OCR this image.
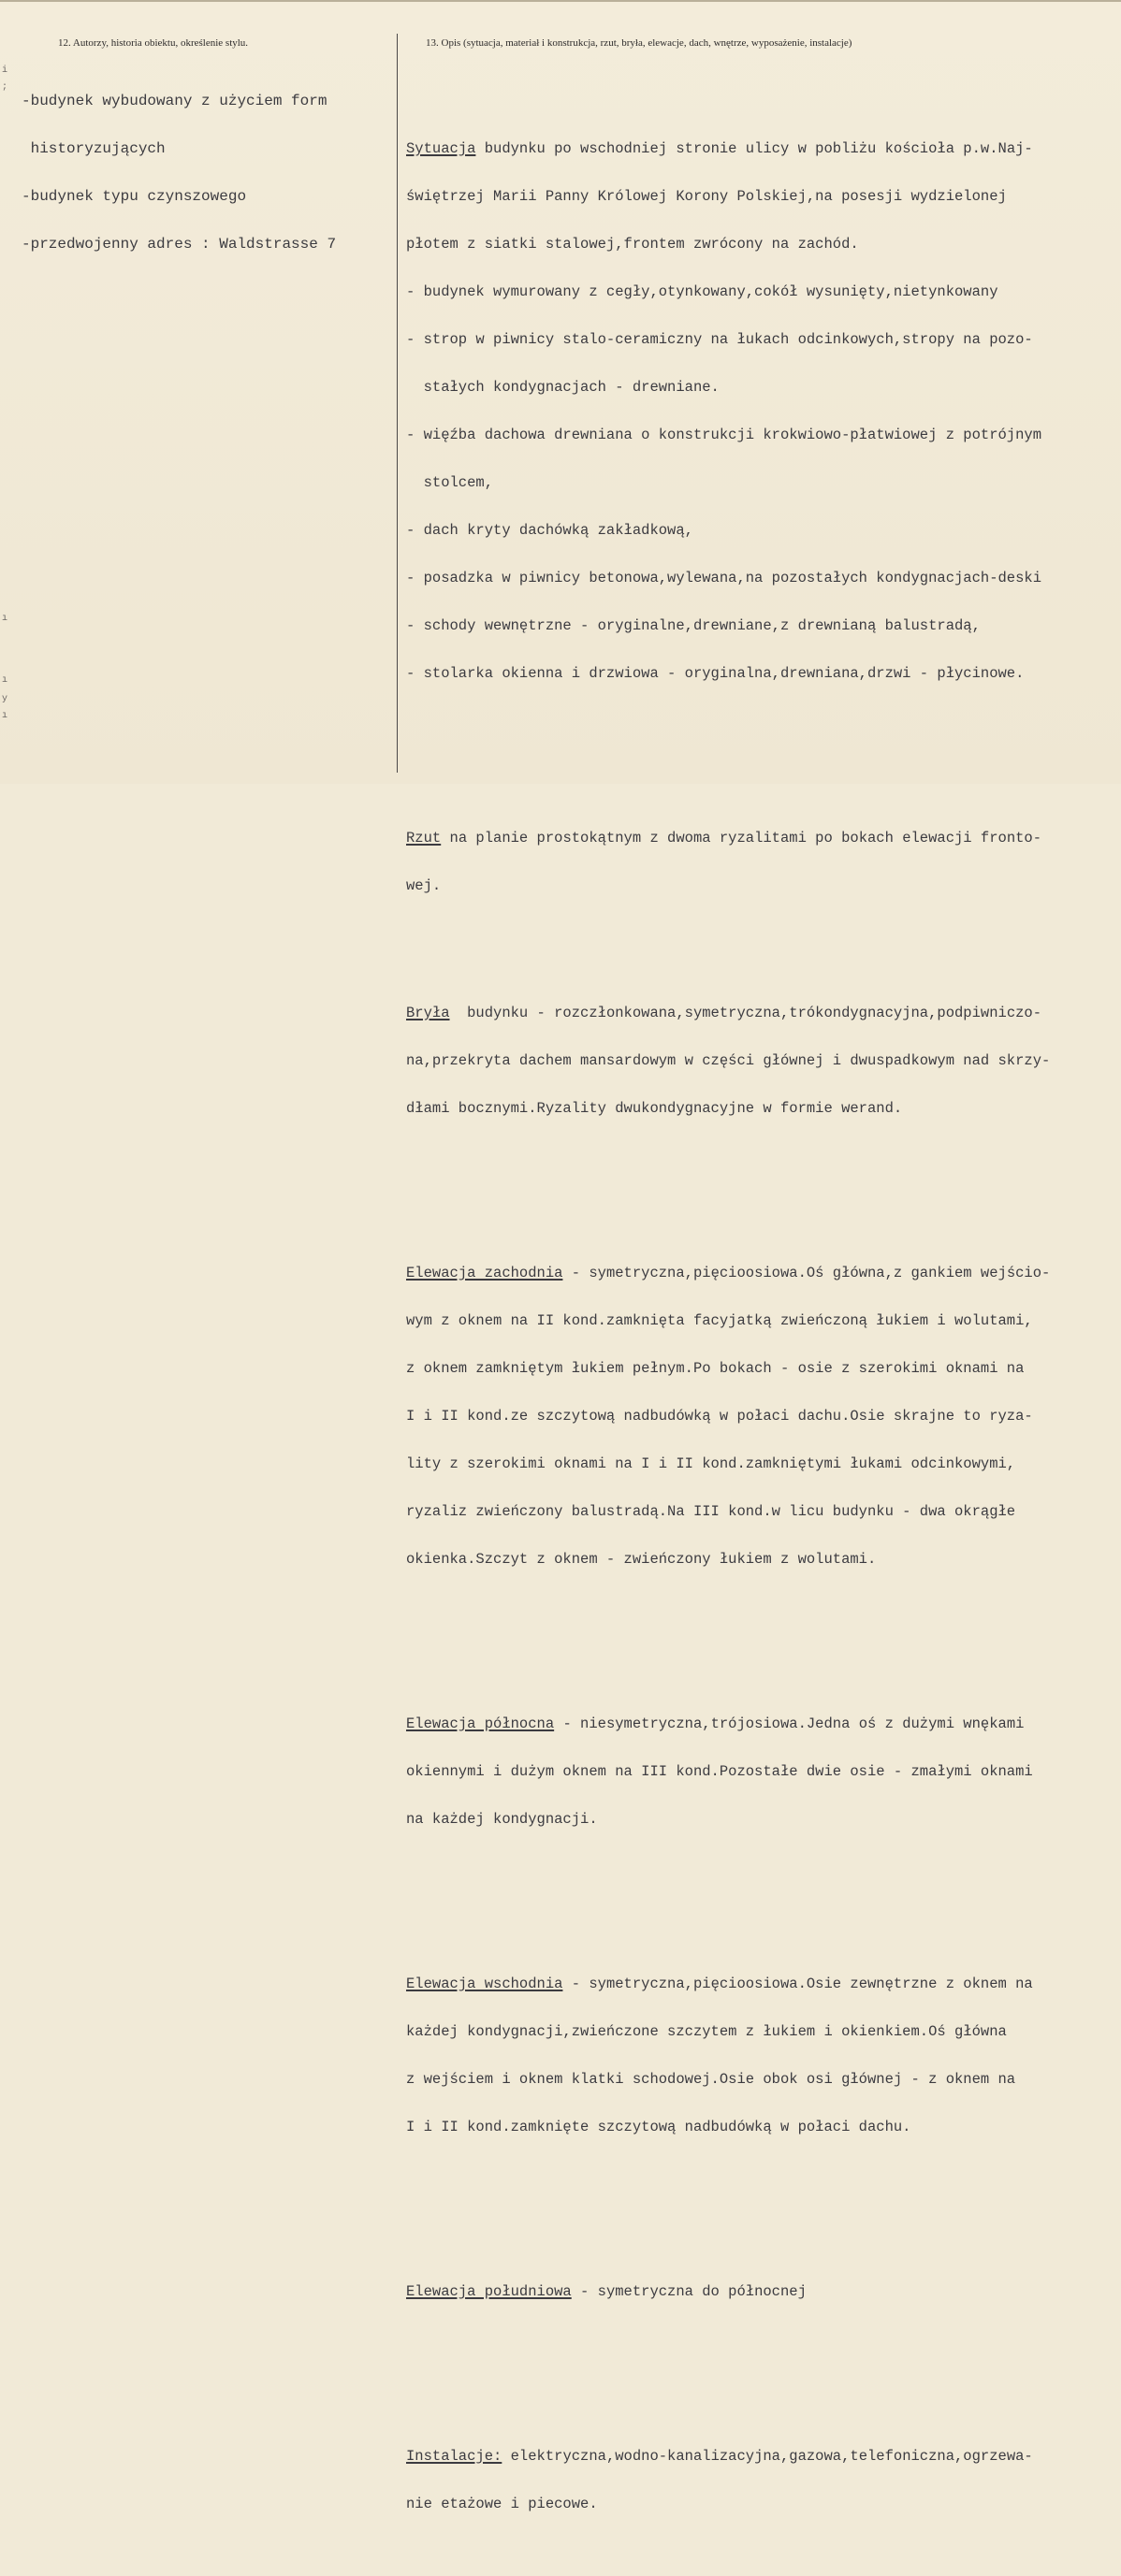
12. Autorzy, historia obiektu, określenie stylu.	13. Opis (sytuacja, materiał i konstrukcja, rzut, bryła, elewacje, dach, wnętrze, wyposażenie, instalacje)
i
;
ı
ı
y
ı

-budynek wybudowany z użyciem form

historyzujących

-budynek typu czynszowego

-przedwojenny adres : Waldstrasse 7

Sytuacja budynku po wschodniej stronie ulicy w pobliżu kościoła p.w.Naj-

świętrzej Marii Panny Królowej Korony Polskiej,na posesji wydzielonej

płotem z siatki stalowej,frontem zwrócony na zachód.

- budynek wymurowany z cegły,otynkowany,cokół wysunięty,nietynkowany

- strop w piwnicy stalo-ceramiczny na łukach odcinkowych,stropy na pozo-

stałych kondygnacjach - drewniane.

- więźba dachowa drewniana o konstrukcji krokwiowo-płatwiowej z potrójnym

stolcem,

- dach kryty dachówką zakładkową,

- posadzka w piwnicy betonowa,wylewana,na pozostałych kondygnacjach-deski

- schody wewnętrzne - oryginalne,drewniane,z drewnianą balustradą,

- stolarka okienna i drzwiowa - oryginalna,drewniana,drzwi - płycinowe.

Rzut na planie prostokątnym z dwoma ryzalitami po bokach elewacji fronto-

wej.

Bryła  budynku - rozczłonkowana,symetryczna,trókondygnacyjna,podpiwniczo-

na,przekryta dachem mansardowym w części głównej i dwuspadkowym nad skrzy-

dłami bocznymi.Ryzality dwukondygnacyjne w formie werand.

Elewacja zachodnia - symetryczna,pięcioosiowa.Oś główna,z gankiem wejścio-

wym z oknem na II kond.zamknięta facyjatką zwieńczoną łukiem i wolutami,

z oknem zamkniętym łukiem pełnym.Po bokach - osie z szerokimi oknami na

I i II kond.ze szczytową nadbudówką w połaci dachu.Osie skrajne to ryza-

lity z szerokimi oknami na I i II kond.zamkniętymi łukami odcinkowymi,

ryzaliz zwieńczony balustradą.Na III kond.w licu budynku - dwa okrągłe

okienka.Szczyt z oknem - zwieńczony łukiem z wolutami.

Elewacja północna - niesymetryczna,trójosiowa.Jedna oś z dużymi wnękami

okiennymi i dużym oknem na III kond.Pozostałe dwie osie - zmałymi oknami

na każdej kondygnacji.

Elewacja wschodnia - symetryczna,pięcioosiowa.Osie zewnętrzne z oknem na

każdej kondygnacji,zwieńczone szczytem z łukiem i okienkiem.Oś główna

z wejściem i oknem klatki schodowej.Osie obok osi głównej - z oknem na

I i II kond.zamknięte szczytową nadbudówką w połaci dachu.

Elewacja południowa - symetryczna do północnej

Instalacje: elektryczna,wodno-kanalizacyjna,gazowa,telefoniczna,ogrzewa-

nie etażowe i piecowe.
